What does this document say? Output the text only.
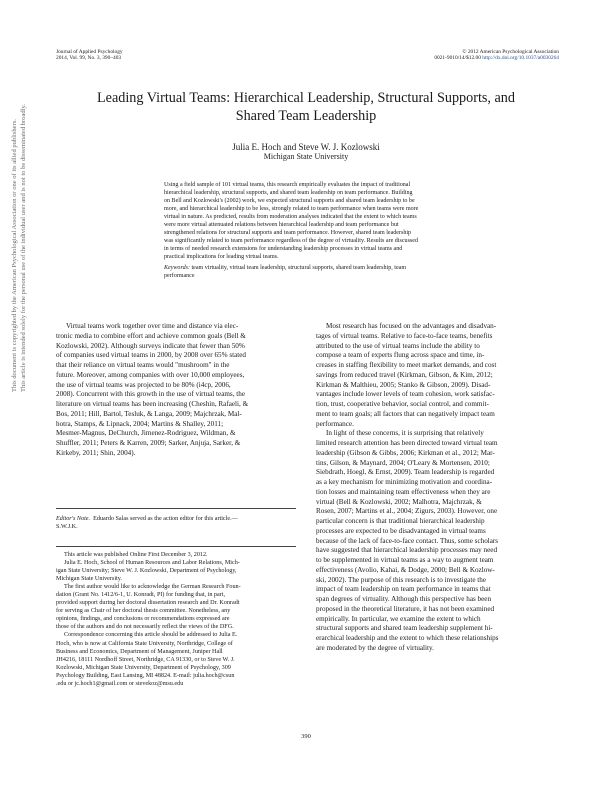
Journal of Applied Psychology
2014, Vol. 99, No. 3, 390–403
© 2012 American Psychological Association
0021-9010/14/$12.00 http://dx.doi.org/10.1037/a0030264
Leading Virtual Teams: Hierarchical Leadership, Structural Supports, and
Shared Team Leadership
Julia E. Hoch and Steve W. J. Kozlowski
Michigan State University
Using a field sample of 101 virtual teams, this research empirically evaluates the impact of traditional
hierarchical leadership, structural supports, and shared team leadership on team performance. Building
on Bell and Kozlowski's (2002) work, we expected structural supports and shared team leadership to be
more, and hierarchical leadership to be less, strongly related to team performance when teams were more
virtual in nature. As predicted, results from moderation analyses indicated that the extent to which teams
were more virtual attenuated relations between hierarchical leadership and team performance but
strengthened relations for structural supports and team performance. However, shared team leadership
was significantly related to team performance regardless of the degree of virtuality. Results are discussed
in terms of needed research extensions for understanding leadership processes in virtual teams and
practical implications for leading virtual teams.
Keywords: team virtuality, virtual team leadership, structural supports, shared team leadership, team
performance
Virtual teams work together over time and distance via elec-
tronic media to combine effort and achieve common goals (Bell &
Kozlowski, 2002). Although surveys indicate that fewer than 50%
of companies used virtual teams in 2000, by 2008 over 65% stated
that their reliance on virtual teams would "mushroom" in the
future. Moreover, among companies with over 10,000 employees,
the use of virtual teams was projected to be 80% (i4cp, 2006,
2008). Concurrent with this growth in the use of virtual teams, the
literature on virtual teams has been increasing (Cheshin, Rafaeli, &
Bos, 2011; Hill, Bartol, Tesluk, & Langa, 2009; Majchrzak, Mal-
hotra, Stamps, & Lipnack, 2004; Martins & Shalley, 2011;
Mesmer-Magnus, DeChurch, Jimenez-Rodriguez, Wildman, &
Shuffler, 2011; Peters & Karren, 2009; Sarker, Anjuja, Sarker, &
Kirkeby, 2011; Shin, 2004).
Editor's Note. Eduardo Salas served as the action editor for this article.—
S.W.J.K.
This article was published Online First December 3, 2012.
Julia E. Hoch, School of Human Resources and Labor Relations, Mich-
igan State University; Steve W. J. Kozlowski, Department of Psychology,
Michigan State University.
The first author would like to acknowledge the German Research Foun-
dation (Grant No. 1412/6-1, U. Konradt, PI) for funding that, in part,
provided support during her doctoral dissertation research and Dr. Konradt
for serving as Chair of her doctoral thesis committee. Nonetheless, any
opinions, findings, and conclusions or recommendations expressed are
those of the authors and do not necessarily reflect the views of the DFG.
Correspondence concerning this article should be addressed to Julia E.
Hoch, who is now at California State University, Northridge, College of
Business and Economics, Department of Management, Juniper Hall
JH4216, 18111 Nordhoff Street, Northridge, CA 91330, or to Steve W. J.
Kozlowski, Michigan State University, Department of Psychology, 309
Psychology Building, East Lansing, MI 48824. E-mail: julia.hoch@csun
.edu or jc.hoch1@gmail.com or stevekoz@msu.edu
Most research has focused on the advantages and disadvan-
tages of virtual teams. Relative to face-to-face teams, benefits
attributed to the use of virtual teams include the ability to
compose a team of experts flung across space and time, in-
creases in staffing flexibility to meet market demands, and cost
savings from reduced travel (Kirkman, Gibson, & Kim, 2012;
Kirkman & Malthieu, 2005; Stanko & Gibson, 2009). Disad-
vantages include lower levels of team cohesion, work satisfac-
tion, trust, cooperative behavior, social control, and commit-
ment to team goals; all factors that can negatively impact team
performance.
In light of these concerns, it is surprising that relatively
limited research attention has been directed toward virtual team
leadership (Gibson & Gibbs, 2006; Kirkman et al., 2012; Mar-
tins, Gilson, & Maynard, 2004; O'Leary & Mortensen, 2010;
Siebdrath, Hoegl, & Ernst, 2009). Team leadership is regarded
as a key mechanism for minimizing motivation and coordina-
tion losses and maintaining team effectiveness when they are
virtual (Bell & Kozlowski, 2002; Malhotra, Majchrzak, &
Rosen, 2007; Martins et al., 2004; Zigurs, 2003). However, one
particular concern is that traditional hierarchical leadership
processes are expected to be disadvantaged in virtual teams
because of the lack of face-to-face contact. Thus, some scholars
have suggested that hierarchical leadership processes may need
to be supplemented in virtual teams as a way to augment team
effectiveness (Avolio, Kahai, & Dodge, 2000; Bell & Kozlow-
ski, 2002). The purpose of this research is to investigate the
impact of team leadership on team performance in teams that
span degrees of virtuality. Although this perspective has been
proposed in the theoretical literature, it has not been examined
empirically. In particular, we examine the extent to which
structural supports and shared team leadership supplement hi-
erarchical leadership and the extent to which these relationships
are moderated by the degree of virtuality.
390
This document is copyrighted by the American Psychological Association or one of its allied publishers. This article is intended solely for the personal use of the individual user and is not to be disseminated broadly.
